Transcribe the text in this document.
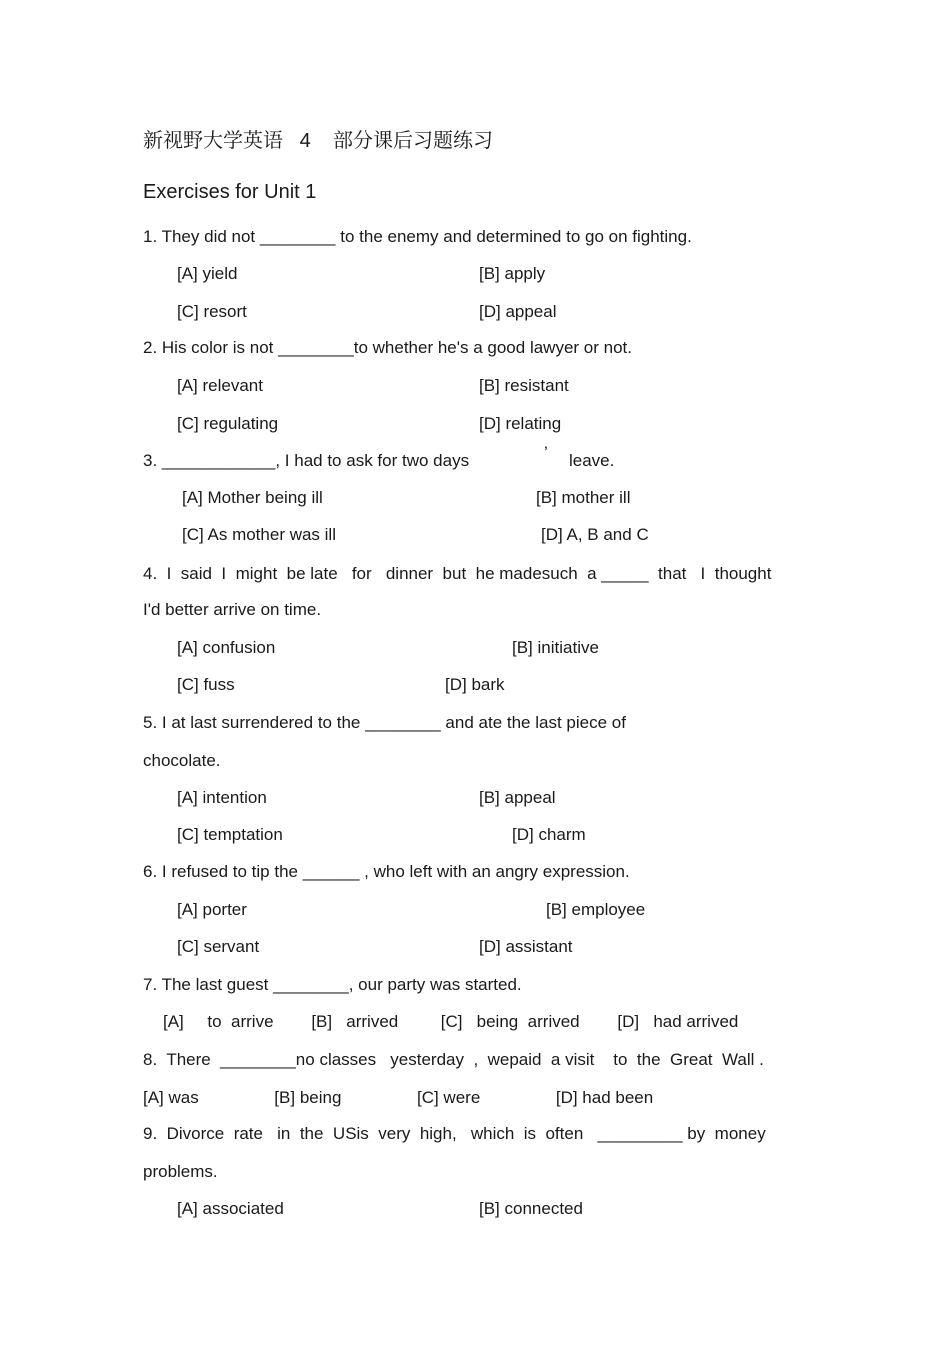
新视野大学英语   4    部分课后习题练习
Exercises for Unit 1
1. They did not ________ to the enemy and determined to go on fighting.
[A] yield	[B] apply
[C] resort	[D] appeal
2. His color is not ________to whether he's a good lawyer or not.
[A] relevant	[B] resistant
[C] regulating	[D] relating
3. ____________, I had to ask for two days	’ leave.
[A] Mother being ill	[B] mother ill
[C] As mother was ill	[D] A, B and C
4.  I  said  I  might  be late   for   dinner  but  he madesuch  a _____  that   I  thought
I'd better arrive on time.
[A] confusion	[B] initiative
[C] fuss	[D] bark
5. I at last surrendered to the ________ and ate the last piece of
chocolate.
[A] intention	[B] appeal
[C] temptation	[D] charm
6. I refused to tip the ______ , who left with an angry expression.
[A] porter	[B] employee
[C] servant	[D] assistant
7. The last guest ________, our party was started.
[A]     to  arrive        [B]   arrived         [C]   being  arrived        [D]   had arrived
8.  There  ________no classes   yesterday  ,  wepaid  a visit    to  the  Great  Wall .
[A] was                [B] being                [C] were                [D] had been
9.  Divorce  rate   in  the  USis  very  high,   which  is  often   _________ by  money
problems.
[A] associated	[B] connected
